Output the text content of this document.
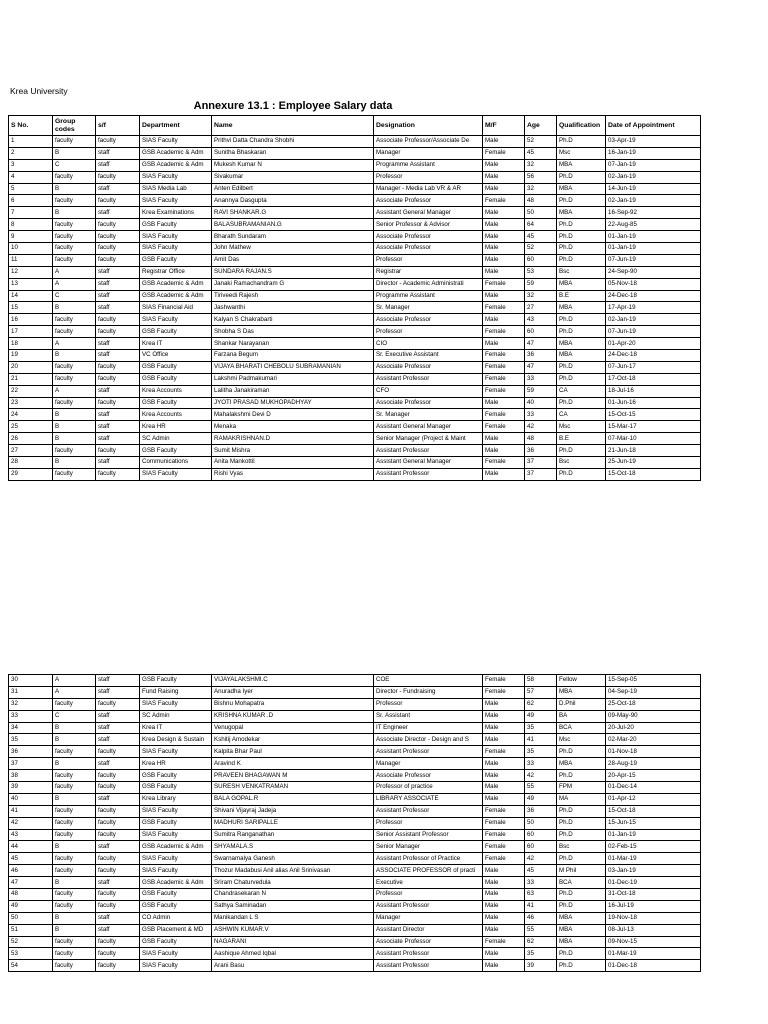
Krea University
Annexure 13.1 : Employee Salary data
S No.	Group codes	s/f	Department	Name	Designation	M/F	Age	Qualification	Date of Appointment
1	faculty	faculty	SIAS Faculty	Prithvi Datta Chandra Shobhi	Associate Professor/Associate De	Male	52	Ph.D	03-Apr-19
2	B	staff	GSB Academic & Adm	Sunitha Bhaskaran	Manager	Female	45	Msc	16-Jan-19
3	C	staff	GSB Academic & Adm	Mukesh Kumar N	Programme Assistant	Male	32	MBA	07-Jan-19
4	faculty	faculty	SIAS Faculty	Sivakumar	Professor	Male	56	Ph.D	02-Jan-19
5	B	staff	SIAS Media Lab	Anten Edilbert	Manager - Media Lab VR & AR	Male	32	MBA	14-Jun-19
6	faculty	faculty	SIAS Faculty	Anannya Dasgupta	Associate Professor	Female	48	Ph.D	02-Jan-19
7	B	staff	Krea Examinations	RAVI SHANKAR.G	Assistant General Manager	Male	50	MBA	16-Sep-92
8	faculty	faculty	GSB Faculty	BALASUBRAMANIAN.G	Senior Professor & Advisor	Male	64	Ph.D	22-Aug-85
9	faculty	faculty	SIAS Faculty	Bharath Sundaram	Associate Professor	Male	45	Ph.D	01-Jan-19
10	faculty	faculty	SIAS Faculty	John Mathew	Associate Professor	Male	52	Ph.D	01-Jan-19
11	faculty	faculty	GSB Faculty	Amit Das	Professor	Male	60	Ph.D	07-Jun-19
12	A	staff	Registrar Office	SUNDARA RAJAN.S	Registrar	Male	53	Bsc	24-Sep-90
13	A	staff	GSB Academic & Adm	Janaki Ramachandram G	Director - Academic Administrati	Female	59	MBA	05-Nov-18
14	C	staff	GSB Academic & Adm	Tiriveedi Rajesh	Programme Assistant	Male	32	B.E	24-Dec-18
15	B	staff	SIAS Financial Aid	Jashwanthi	Sr. Manager	Female	27	MBA	17-Apr-19
16	faculty	faculty	SIAS Faculty	Kalyan S Chakrabarti	Associate Professor	Male	43	Ph.D	02-Jan-19
17	faculty	faculty	GSB Faculty	Shobha S Das	Professor	Female	60	Ph.D	07-Jun-19
18	A	staff	Krea IT	Shankar Narayanan	CIO	Male	47	MBA	01-Apr-20
19	B	staff	VC Office	Farzana Begum	Sr. Executive Assistant	Female	36	MBA	24-Dec-18
20	faculty	faculty	GSB Faculty	VIJAYA BHARATI CHEBOLU SUBRAMANIAN	Associate Professor	Female	47	Ph.D	07-Jun-17
21	faculty	faculty	GSB Faculty	Lakshmi Padmakumari	Assistant Professor	Female	33	Ph.D	17-Oct-18
22	A	staff	Krea Accounts	Lalitha Janakiraman	CFO	Female	59	CA	18-Jul-16
23	faculty	faculty	GSB Faculty	JYOTI PRASAD MUKHOPADHYAY	Associate Professor	Male	40	Ph.D	01-Jun-16
24	B	staff	Krea Accounts	Mahalakshmi Devi D	Sr. Manager	Female	33	CA	15-Oct-15
25	B	staff	Krea HR	Menaka	Assistant General Manager	Female	42	Msc	15-Mar-17
26	B	staff	SC Admin	RAMAKRISHNAN.D	Senior Manager (Project & Maint	Male	48	B.E	07-Mar-10
27	faculty	faculty	GSB Faculty	Sumit Mishra	Assistant Professor	Male	36	Ph.D	21-Jun-18
28	B	staff	Communications	Anita Mankottil	Assistant General Manager	Female	37	Bsc	25-Jun-19
29	faculty	faculty	SIAS Faculty	Rishi Vyas	Assistant Professor	Male	37	Ph.D	15-Oct-18
30	A	staff	GSB Faculty	VIJAYALAKSHMI.C	COE	Female	58	Fellow	15-Sep-05
31	A	staff	Fund Raising	Anuradha Iyer	Director - Fundraising	Female	57	MBA	04-Sep-19
32	faculty	faculty	SIAS Faculty	Bishnu Mohapatra	Professor	Male	62	D.Phil	25-Oct-18
33	C	staff	SC Admin	KRISHNA KUMAR .D	Sr. Assistant	Male	49	BA	09-May-90
34	B	staff	Krea IT	Venugopal	IT Engineer	Male	35	BCA	20-Jul-20
35	B	staff	Krea Design & Sustain	Kshitij Amodekar	Associate Director - Design and S	Male	41	Msc	02-Mar-20
36	faculty	faculty	SIAS Faculty	Kalpita Bhar Paul	Assistant Professor	Female	35	Ph.D	01-Nov-18
37	B	staff	Krea HR	Aravind K	Manager	Male	33	MBA	28-Aug-19
38	faculty	faculty	GSB Faculty	PRAVEEN BHAGAWAN M	Associate Professor	Male	42	Ph.D	20-Apr-15
39	faculty	faculty	GSB Faculty	SURESH VENKATRAMAN	Professor of practice	Male	55	FPM	01-Dec-14
40	B	staff	Krea Library	BALA GOPAL.R	LIBRARY ASSOCIATE	Male	49	MA	01-Apr-12
41	faculty	faculty	SIAS Faculty	Shivani Vijayraj Jadeja	Assistant Professor	Female	36	Ph.D	15-Oct-18
42	faculty	faculty	GSB Faculty	MADHURI SARIPALLE	Professor	Female	50	Ph.D	15-Jun-15
43	faculty	faculty	SIAS Faculty	Sumitra Ranganathan	Senior Assistant Professor	Female	60	Ph.D	01-Jan-19
44	B	staff	GSB Academic & Adm	SHYAMALA.S	Senior Manager	Female	60	Bsc	02-Feb-15
45	faculty	faculty	SIAS Faculty	Swarnamalya Ganesh	Assistant Professor of Practice	Female	42	Ph.D	01-Mar-19
46	faculty	faculty	SIAS Faculty	Thozur Madabusi Anil alias Anil Srinivasan	ASSOCIATE PROFESSOR of practi	Male	45	M Phil	03-Jan-19
47	B	staff	GSB Academic & Adm	Sriram Chaturvedula	Executive	Male	33	BCA	01-Dec-19
48	faculty	faculty	GSB Faculty	Chandrasekaran N	Professor	Male	63	Ph.D	31-Oct-18
49	faculty	faculty	GSB Faculty	Sathya Saminadan	Assistant Professor	Male	41	Ph.D	16-Jul-19
50	B	staff	CO Admin	Manikandan L S	Manager	Male	46	MBA	19-Nov-18
51	B	staff	GSB Placement & MD	ASHWIN KUMAR.V	Assistant Director	Male	55	MBA	08-Jul-13
52	faculty	faculty	GSB Faculty	NAGARANI	Associate Professor	Female	62	MBA	09-Nov-15
53	faculty	faculty	SIAS Faculty	Aashique Ahmed Iqbal	Assistant Professor	Male	35	Ph.D	01-Mar-19
54	faculty	faculty	SIAS Faculty	Arani Basu	Assistant Professor	Male	39	Ph.D	01-Dec-18
